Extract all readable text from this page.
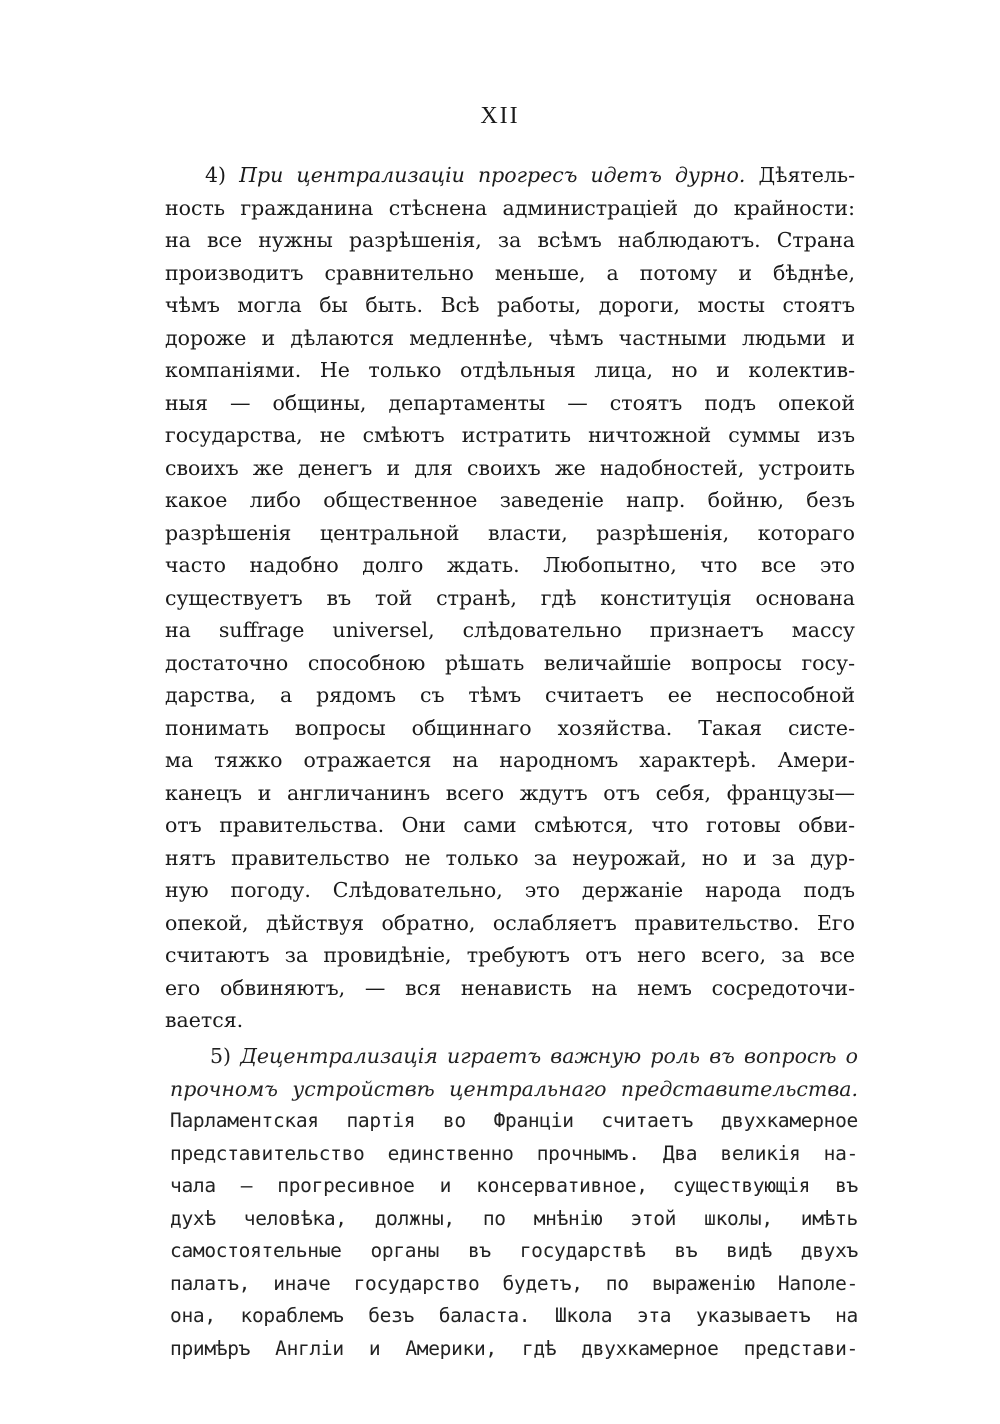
XII
4) При централизаціи прогресъ идетъ дурно. Дѣятель-
ность гражданина стѣснена администраціей до крайности:
на все нужны разрѣшенія, за всѣмъ наблюдаютъ. Страна
производитъ сравнительно меньше, а потому и бѣднѣе,
чѣмъ могла бы быть. Всѣ работы, дороги, мосты стоятъ
дороже и дѣлаются медленнѣе, чѣмъ частными людьми и
компаніями. Не только отдѣльныя лица, но и колектив-
ныя — общины, департаменты — стоятъ подъ опекой
государства, не смѣютъ истратить ничтожной суммы изъ
своихъ же денегъ и для своихъ же надобностей, устроить
какое либо общественное заведеніе напр. бойню, безъ
разрѣшенія центральной власти, разрѣшенія, котораго
часто надобно долго ждать. Любопытно, что все это
существуетъ въ той странѣ, гдѣ конституція основана
на suffrage universel, слѣдовательно признаетъ массу
достаточно способною рѣшать величайшіе вопросы госу-
дарства, а рядомъ съ тѣмъ считаетъ ее неспособной
понимать вопросы общиннаго хозяйства. Такая систе-
ма тяжко отражается на народномъ характерѣ. Амери-
канецъ и англичанинъ всего ждутъ отъ себя, французы—
отъ правительства. Они сами смѣются, что готовы обви-
нятъ правительство не только за неурожай, но и за дур-
ную погоду. Слѣдовательно, это держаніе народа подъ
опекой, дѣйствуя обратно, ослабляетъ правительство. Его
считаютъ за провидѣніе, требуютъ отъ него всего, за все
его обвиняютъ, — вся ненависть на немъ сосредоточи-
вается.
5) Децентрализація играетъ важную роль въ вопросѣ о
прочномъ устройствѣ центральнаго представительства.
Парламентская партія во Франціи считаетъ двухкамерное
представительство единственно прочнымъ. Два великія на-
чала — прогресивное и консервативное, существующія въ
духѣ человѣка, должны, по мнѣнію этой школы, имѣть
самостоятельные органы въ государствѣ въ видѣ двухъ
палатъ, иначе государство будетъ, по выраженію Наполе-
она, кораблемъ безъ баласта. Школа эта указываетъ на
примѣръ Англіи и Америки, гдѣ двухкамерное представи-
